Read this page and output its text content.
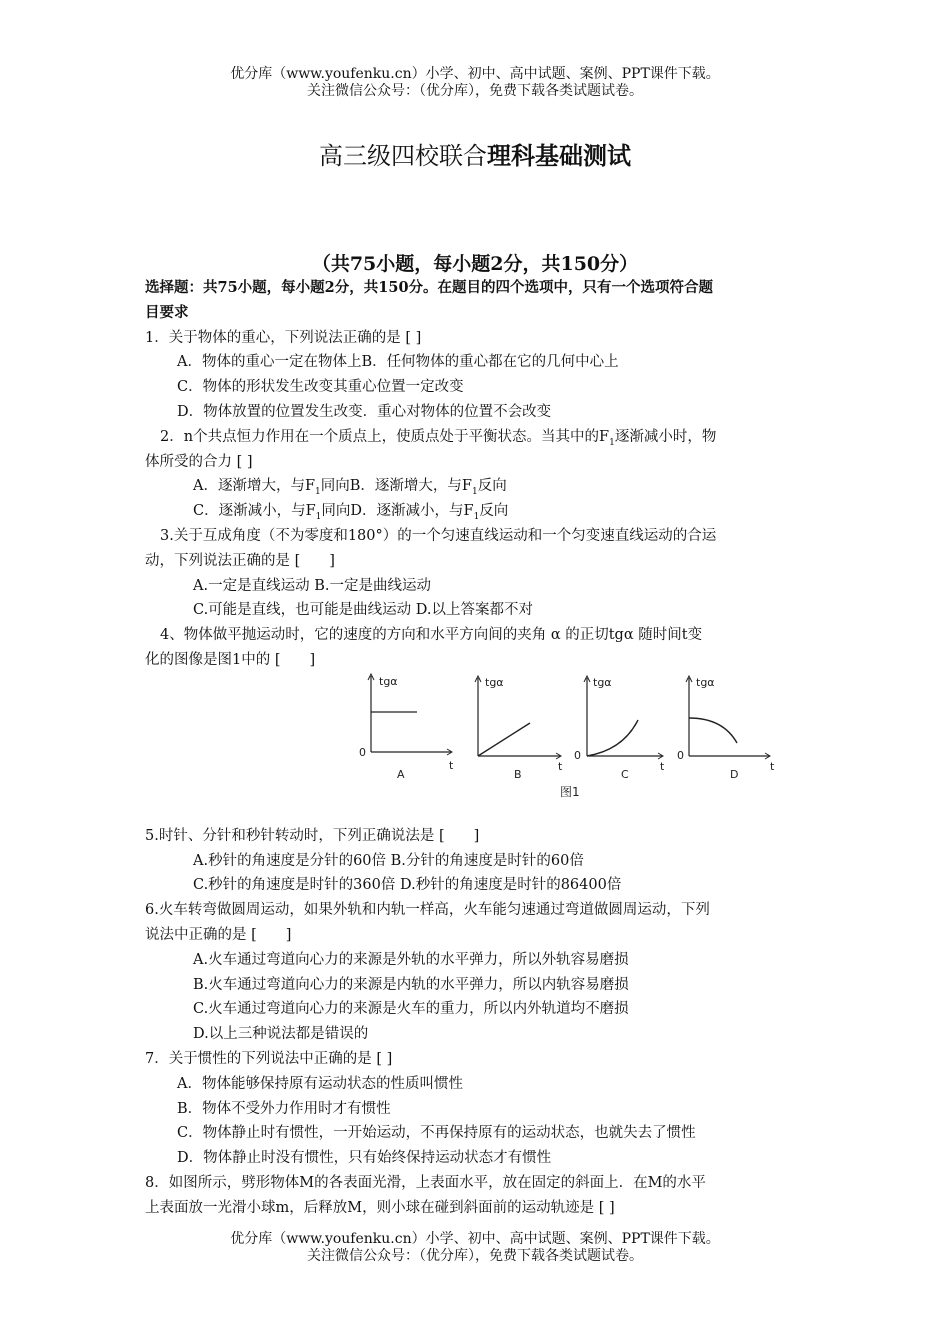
优分库（www.youfenku.cn）小学、初中、高中试题、案例、PPT课件下载。
关注微信公众号：（优分库），免费下载各类试题试卷。
高三级四校联合理科基础测试
（共75小题，每小题2分，共150分）
选择题：共75小题，每小题2分，共150分。在题目的四个选项中，只有一个选项符合题
目要求
1．关于物体的重心，下列说法正确的是 [ ]
A．物体的重心一定在物体上B．任何物体的重心都在它的几何中心上
C．物体的形状发生改变其重心位置一定改变
D．物体放置的位置发生改变．重心对物体的位置不会改变
2．n个共点恒力作用在一个质点上，使质点处于平衡状态。当其中的$F_1$逐渐减小时，物
体所受的合力 [ ]
A．逐渐增大，与$F_1$同向B．逐渐增大，与$F_1$反向
C．逐渐减小，与$F_1$同向D．逐渐减小，与$F_1$反向
3.关于互成角度（不为零度和180°）的一个匀速直线运动和一个匀变速直线运动的合运
动，下列说法正确的是 [　　]
A.一定是直线运动 B.一定是曲线运动
C.可能是直线，也可能是曲线运动 D.以上答案都不对
4、物体做平抛运动时，它的速度的方向和水平方向间的夹角 α 的正切tgα 随时间t变
化的图像是图1中的 [　　]
5.时针、分针和秒针转动时，下列正确说法是 [　　]
A.秒针的角速度是分针的60倍 B.分针的角速度是时针的60倍
C.秒针的角速度是时针的360倍 D.秒针的角速度是时针的86400倍
6.火车转弯做圆周运动，如果外轨和内轨一样高，火车能匀速通过弯道做圆周运动，下列
说法中正确的是 [　　]
A.火车通过弯道向心力的来源是外轨的水平弹力，所以外轨容易磨损
B.火车通过弯道向心力的来源是内轨的水平弹力，所以内轨容易磨损
C.火车通过弯道向心力的来源是火车的重力，所以内外轨道均不磨损
D.以上三种说法都是错误的
7．关于惯性的下列说法中正确的是 [ ]
A．物体能够保持原有运动状态的性质叫惯性
B．物体不受外力作用时才有惯性
C．物体静止时有惯性，一开始运动，不再保持原有的运动状态，也就失去了惯性
D．物体静止时没有惯性，只有始终保持运动状态才有惯性
8．如图所示，劈形物体M的各表面光滑，上表面水平，放在固定的斜面上．在M的水平
上表面放一光滑小球m，后释放M，则小球在碰到斜面前的运动轨迹是 [ ]
tgα
0
t
A
tgα
t
B
tgα
0
t
C
tgα
0
t
D
图1
优分库（www.youfenku.cn）小学、初中、高中试题、案例、PPT课件下载。
关注微信公众号：（优分库），免费下载各类试题试卷。
